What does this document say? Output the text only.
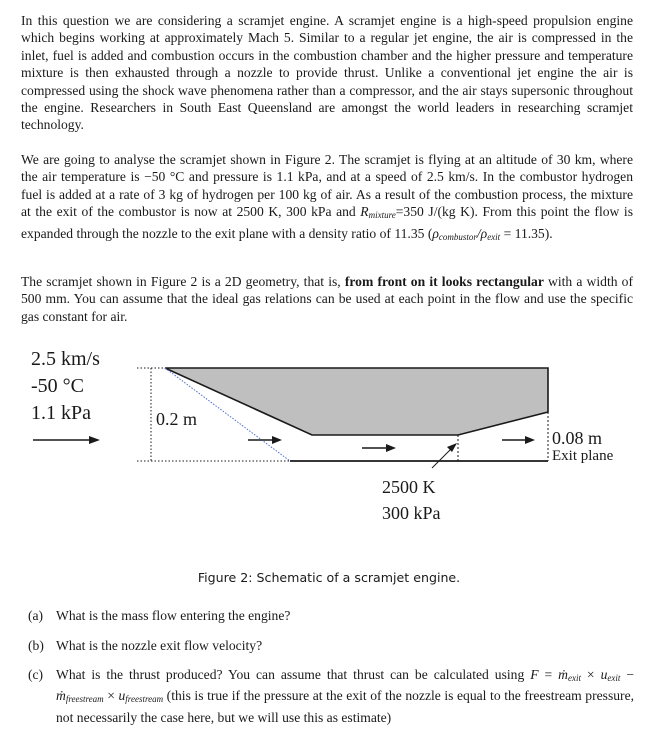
In this question we are considering a scramjet engine. A scramjet engine is a high-speed propulsion engine which begins working at approximately Mach 5. Similar to a regular jet engine, the air is compressed in the inlet, fuel is added and combustion occurs in the combustion chamber and the higher pressure and temperature mixture is then exhausted through a nozzle to provide thrust. Unlike a conventional jet engine the air is compressed using the shock wave phenomena rather than a compressor, and the air stays supersonic throughout the engine. Researchers in South East Queensland are amongst the world leaders in researching scramjet technology.

We are going to analyse the scramjet shown in Figure 2. The scramjet is flying at an altitude of 30 km, where the air temperature is −50 °C and pressure is 1.1 kPa, and at a speed of 2.5 km/s. In the combustor hydrogen fuel is added at a rate of 3 kg of hydrogen per 100 kg of air. As a result of the combustion process, the mixture at the exit of the combustor is now at 2500 K, 300 kPa and $R_{mixture}=350$ J/(kg K). From this point the flow is expanded through the nozzle to the exit plane with a density ratio of 11.35 $(\rho_{combustor}/\rho_{exit} = 11.35)$.

The scramjet shown in Figure 2 is a 2D geometry, that is, from front on it looks rectangular with a width of 500 mm. You can assume that the ideal gas relations can be used at each point in the flow and use the specific gas constant for air.

2.5 km/s
-50 °C
1.1 kPa	0.2 m
0.08 m
Exit plane
2500 K
300 kPa
Figure 2: Schematic of a scramjet engine.
(a) What is the mass flow entering the engine?
(b) What is the nozzle exit flow velocity?
(c) What is the thrust produced? You can assume that thrust can be calculated using F = ṁ$_{exit}$ × $u_{exit}$ − ṁ$_{freestream}$ × $u_{freestream}$ (this is true if the pressure at the exit of the nozzle is equal to the freestream pressure, not necessarily the case here, but we will use this as estimate)
